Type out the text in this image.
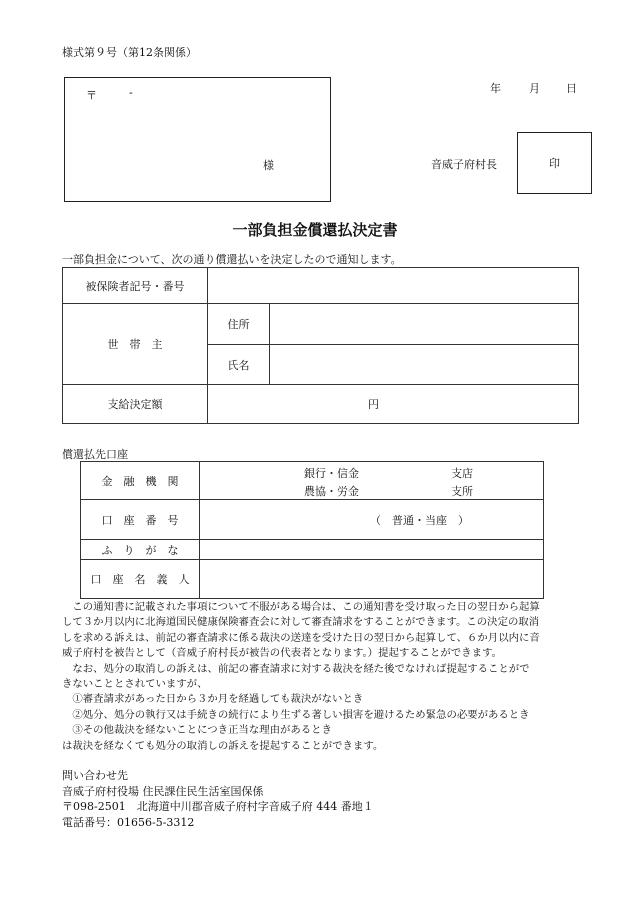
様式第９号（第12条関係）
年	月 日
〒	-
様	音威子府村長	印
一部負担金償還払決定書
一部負担金について、次の通り償還払いを決定したので通知します。
被保険者記号・番号		
世　帯　主	住所	
	氏名	
支給決定額	円	
償還払先口座
金　融　機　関	銀行・信金 支店
農協・労金 支所

口　座　番　号	（　普通・当座　）
ふ　り　が　な	
口　座　名　義　人	

　この通知書に記載された事項について不服がある場合は、この通知書を受け取った日の翌日から起算

して３か月以内に北海道国民健康保険審査会に対して審査請求をすることができます。この決定の取消

しを求める訴えは、前記の審査請求に係る裁決の送達を受けた日の翌日から起算して、６か月以内に音

威子府村を被告として（音威子府村長が被告の代表者となります。）提起することができます。

　なお、処分の取消しの訴えは、前記の審査請求に対する裁決を経た後でなければ提起することがで

きないこととされていますが、

　①審査請求があった日から３か月を経過しても裁決がないとき

　②処分、処分の執行又は手続きの続行により生ずる著しい損害を避けるため緊急の必要があるとき

　③その他裁決を経ないことにつき正当な理由があるとき

は裁決を経なくても処分の取消しの訴えを提起することができます。

問い合わせ先
音威子府村役場 住民課住民生活室国保係
〒098-2501　北海道中川郡音威子府村字音威子府 444 番地１
電話番号：01656-5-3312
